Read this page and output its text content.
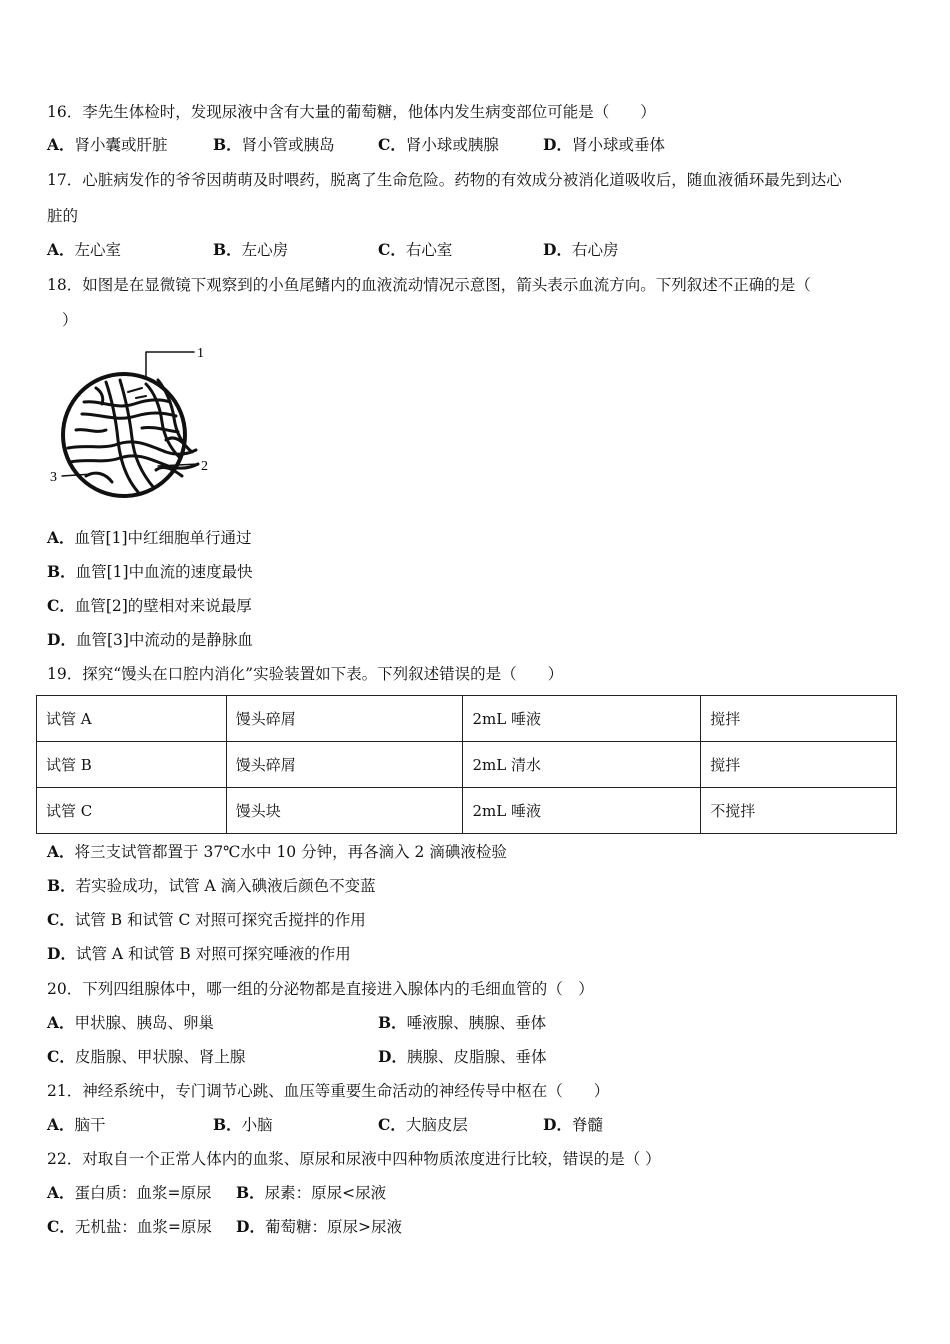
16．李先生体检时，发现尿液中含有大量的葡萄糖，他体内发生病变部位可能是（　　）
A．肾小囊或肝脏	B．肾小管或胰岛	C．肾小球或胰腺	D．肾小球或垂体
17．心脏病发作的爷爷因萌萌及时喂药，脱离了生命危险。药物的有效成分被消化道吸收后，随血液循环最先到达心
脏的
A．左心室	B．左心房	C．右心室	D．右心房
18．如图是在显微镜下观察到的小鱼尾鳍内的血液流动情况示意图，箭头表示血流方向。下列叙述不正确的是（
）
1
2
3
A．血管[1]中红细胞单行通过
B．血管[1]中血流的速度最快
C．血管[2]的壁相对来说最厚
D．血管[3]中流动的是静脉血
19．探究“馒头在口腔内消化”实验装置如下表。下列叙述错误的是（　　）
试管 A	馒头碎屑	2mL 唾液	搅拌
试管 B	馒头碎屑	2mL 清水	搅拌
试管 C	馒头块	2mL 唾液	不搅拌
A．将三支试管都置于 37℃水中 10 分钟，再各滴入 2 滴碘液检验
B．若实验成功，试管 A 滴入碘液后颜色不变蓝
C．试管 B 和试管 C 对照可探究舌搅拌的作用
D．试管 A 和试管 B 对照可探究唾液的作用
20．下列四组腺体中，哪一组的分泌物都是直接进入腺体内的毛细血管的（　）
A．甲状腺、胰岛、卵巢	B．唾液腺、胰腺、垂体
C．皮脂腺、甲状腺、肾上腺	D．胰腺、皮脂腺、垂体
21．神经系统中，专门调节心跳、血压等重要生命活动的神经传导中枢在（　　）
A．脑干	B．小脑	C．大脑皮层	D．脊髓
22．对取自一个正常人体内的血浆、原尿和尿液中四种物质浓度进行比较，错误的是（ ）
A．蛋白质：血浆=原尿 B．尿素：原尿<尿液
C．无机盐：血浆=原尿 D．葡萄糖：原尿>尿液
